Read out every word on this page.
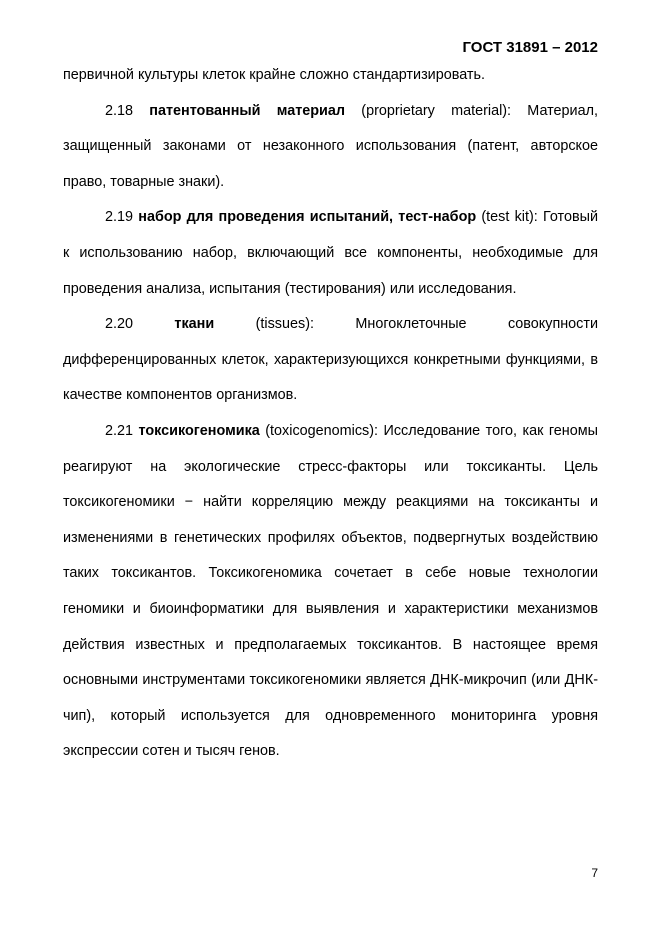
ГОСТ 31891 – 2012
первичной культуры клеток крайне сложно стандартизировать.

2.18 патентованный материал (proprietary material): Материал, защищенный законами от незаконного использования (патент, авторское право, товарные знаки).

2.19 набор для проведения испытаний, тест-набор (test kit): Готовый к использованию набор, включающий все компоненты, необходимые для проведения анализа, испытания (тестирования) или исследования.

2.20	ткани	(tissues): Многоклеточные совокупности дифференцированных клеток, характеризующихся конкретными функциями, в качестве компонентов организмов.

2.21 токсикогеномика (toxicogenomics): Исследование того, как геномы реагируют на экологические стресс-факторы или токсиканты. Цель токсикогеномики − найти корреляцию между реакциями на токсиканты и изменениями в генетических профилях объектов, подвергнутых воздействию таких токсикантов. Токсикогеномика сочетает в себе новые технологии геномики и биоинформатики для выявления и характеристики механизмов действия известных и предполагаемых токсикантов. В настоящее время основными инструментами токсикогеномики является ДНК-микрочип (или ДНК-чип), который используется для одновременного мониторинга уровня экспрессии сотен и тысяч генов.

7
